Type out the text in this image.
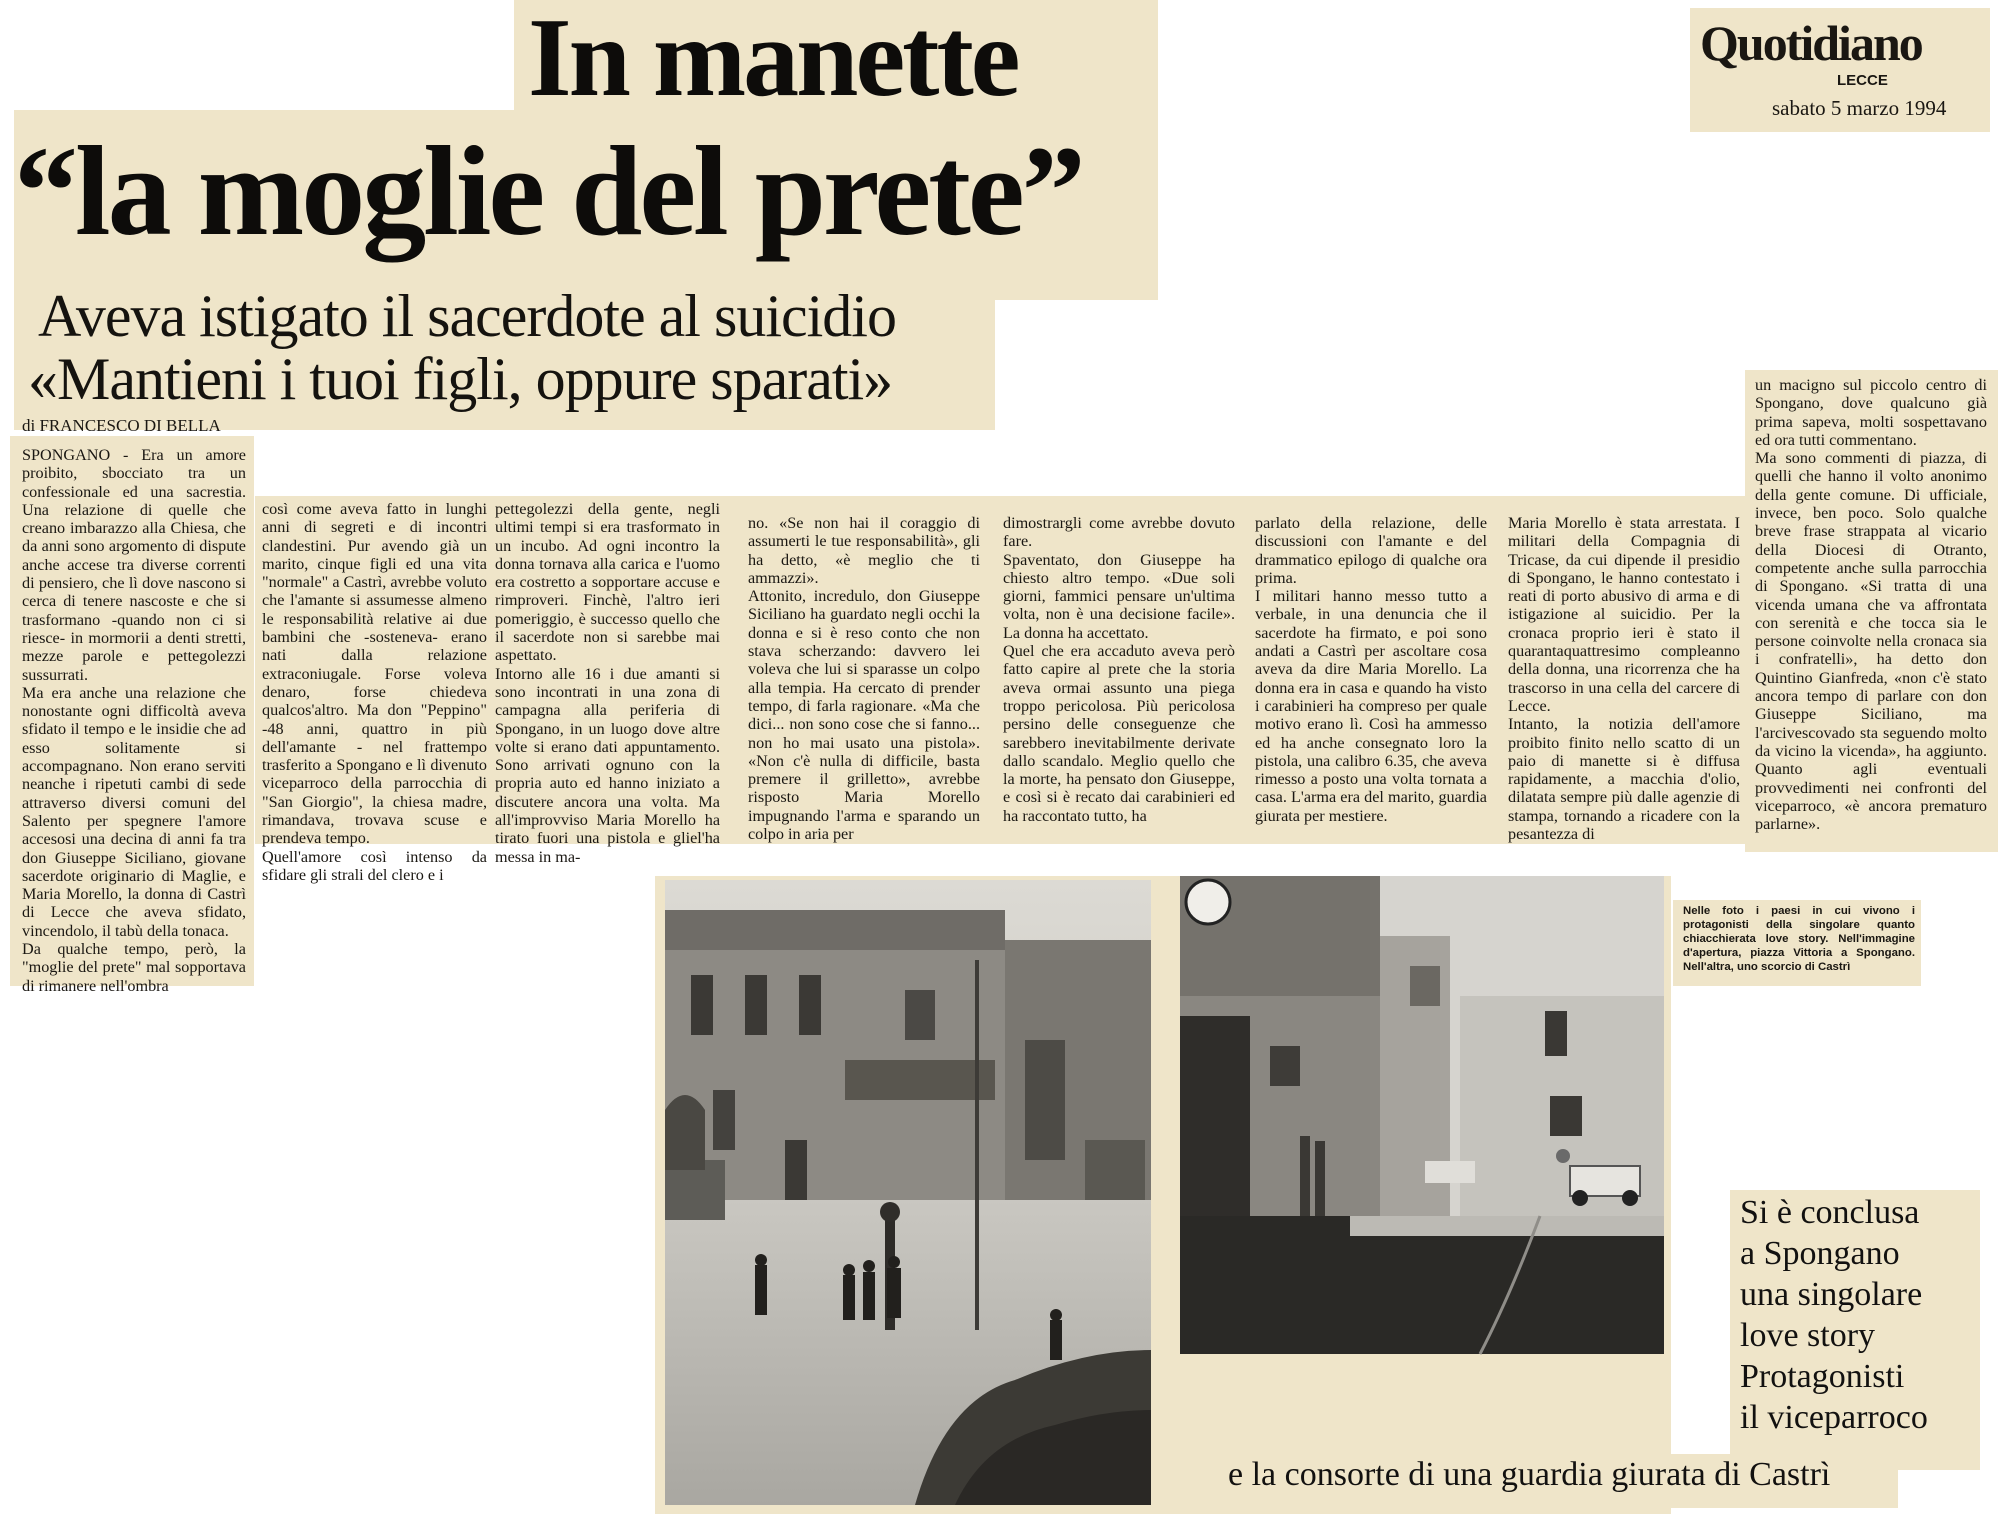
Quotidiano
LECCE
sabato 5 marzo 1994
In manette
“la moglie del prete”
Aveva istigato il sacerdote al suicidio
«Mantieni i tuoi figli, oppure sparati»
di FRANCESCO DI BELLA
SPONGANO - Era un amore proibito, sbocciato tra un confessionale ed una sacrestia. Una relazione di quelle che creano imbarazzo alla Chiesa, che da anni sono argomento di dispute anche accese tra diverse correnti di pensiero, che lì dove nascono si cerca di tenere nascoste e che si trasformano -quando non ci si riesce- in mormorii a denti stretti, mezze parole e pettegolezzi sussurrati.
Ma era anche una relazione che nonostante ogni difficoltà aveva sfidato il tempo e le insidie che ad esso solitamente si accompagnano. Non erano serviti neanche i ripetuti cambi di sede attraverso diversi comuni del Salento per spegnere l'amore accesosi una decina di anni fa tra don Giuseppe Siciliano, giovane sacerdote originario di Maglie, e Maria Morello, la donna di Castrì di Lecce che aveva sfidato, vincendolo, il tabù della tonaca.
Da qualche tempo, però, la "moglie del prete" mal sopportava di rimanere nell'ombra
così come aveva fatto in lunghi anni di segreti e di incontri clandestini. Pur avendo già un marito, cinque figli ed una vita "normale" a Castrì, avrebbe voluto che l'amante si assumesse almeno le responsabilità relative ai due bambini che -sosteneva- erano nati dalla relazione extraconiugale. Forse voleva denaro, forse chiedeva qualcos'altro. Ma don "Peppino" -48 anni, quattro in più dell'amante - nel frattempo trasferito a Spongano e lì divenuto viceparroco della parrocchia di "San Giorgio", la chiesa madre, rimandava, trovava scuse e prendeva tempo.
Quell'amore così intenso da sfidare gli strali del clero e i
pettegolezzi della gente, negli ultimi tempi si era trasformato in un incubo. Ad ogni incontro la donna tornava alla carica e l'uomo era costretto a sopportare accuse e rimproveri. Finchè, l'altro ieri pomeriggio, è successo quello che il sacerdote non si sarebbe mai aspettato.
Intorno alle 16 i due amanti si sono incontrati in una zona di campagna alla periferia di Spongano, in un luogo dove altre volte si erano dati appuntamento. Sono arrivati ognuno con la propria auto ed hanno iniziato a discutere ancora una volta. Ma all'improvviso Maria Morello ha tirato fuori una pistola e gliel'ha messa in ma-
no. «Se non hai il coraggio di assumerti le tue responsabilità», gli ha detto, «è meglio che ti ammazzi».
Attonito, incredulo, don Giuseppe Siciliano ha guardato negli occhi la donna e si è reso conto che non stava scherzando: davvero lei voleva che lui si sparasse un colpo alla tempia. Ha cercato di prender tempo, di farla ragionare. «Ma che dici... non sono cose che si fanno... non ho mai usato una pistola». «Non c'è nulla di difficile, basta premere il grilletto», avrebbe risposto Maria Morello impugnando l'arma e sparando un colpo in aria per
dimostrargli come avrebbe dovuto fare.
Spaventato, don Giuseppe ha chiesto altro tempo. «Due soli giorni, fammici pensare un'ultima volta, non è una decisione facile». La donna ha accettato.
Quel che era accaduto aveva però fatto capire al prete che la storia aveva ormai assunto una piega troppo pericolosa. Più pericolosa persino delle conseguenze che sarebbero inevitabilmente derivate dallo scandalo. Meglio quello che la morte, ha pensato don Giuseppe, e così si è recato dai carabinieri ed ha raccontato tutto, ha
parlato della relazione, delle discussioni con l'amante e del drammatico epilogo di qualche ora prima.
I militari hanno messo tutto a verbale, in una denuncia che il sacerdote ha firmato, e poi sono andati a Castrì per ascoltare cosa aveva da dire Maria Morello. La donna era in casa e quando ha visto i carabinieri ha compreso per quale motivo erano lì. Così ha ammesso ed ha anche consegnato loro la pistola, una calibro 6.35, che aveva rimesso a posto una volta tornata a casa. L'arma era del marito, guardia giurata per mestiere.
Maria Morello è stata arrestata. I militari della Compagnia di Tricase, da cui dipende il presidio di Spongano, le hanno contestato i reati di porto abusivo di arma e di istigazione al suicidio. Per la cronaca proprio ieri è stato il quarantaquattresimo compleanno della donna, una ricorrenza che ha trascorso in una cella del carcere di Lecce.
Intanto, la notizia dell'amore proibito finito nello scatto di un paio di manette si è diffusa rapidamente, a macchia d'olio, dilatata sempre più dalle agenzie di stampa, tornando a ricadere con la pesantezza di
un macigno sul piccolo centro di Spongano, dove qualcuno già prima sapeva, molti sospettavano ed ora tutti commentano.
Ma sono commenti di piazza, di quelli che hanno il volto anonimo della gente comune. Di ufficiale, invece, ben poco. Solo qualche breve frase strappata al vicario della Diocesi di Otranto, competente anche sulla parrocchia di Spongano. «Si tratta di una vicenda umana che va affrontata con serenità e che tocca sia le persone coinvolte nella cronaca sia i confratelli», ha detto don Quintino Gianfreda, «non c'è stato ancora tempo di parlare con don Giuseppe Siciliano, ma l'arcivescovado sta seguendo molto da vicino la vicenda», ha aggiunto. Quanto agli eventuali provvedimenti nei confronti del viceparroco, «è ancora prematuro parlarne».
Nelle foto i paesi in cui vivono i protagonisti della singolare quanto chiacchierata love story. Nell'immagine d'apertura, piazza Vittoria a Spongano. Nell'altra, uno scorcio di Castrì
Si è conclusa
a Spongano
una singolare
love story
Protagonisti
il viceparroco
e la consorte di una guardia giurata di Castrì
